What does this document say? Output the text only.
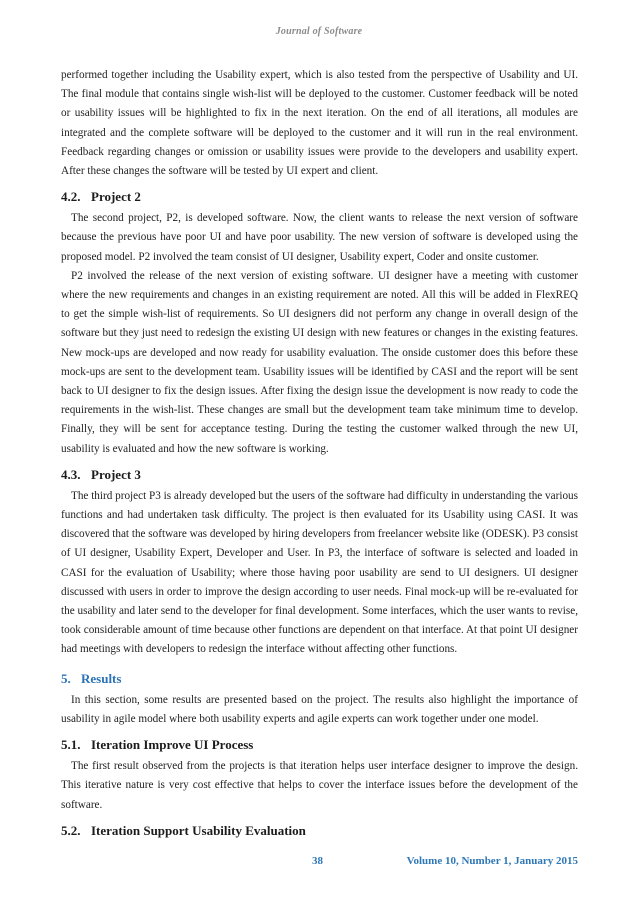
Journal of Software

performed together including the Usability expert, which is also tested from the perspective of Usability and UI. The final module that contains single wish-list will be deployed to the customer. Customer feedback will be noted or usability issues will be highlighted to fix in the next iteration. On the end of all iterations, all modules are integrated and the complete software will be deployed to the customer and it will run in the real environment. Feedback regarding changes or omission or usability issues were provide to the developers and usability expert. After these changes the software will be tested by UI expert and client.

4.2. Project 2

The second project, P2, is developed software. Now, the client wants to release the next version of software because the previous have poor UI and have poor usability. The new version of software is developed using the proposed model. P2 involved the team consist of UI designer, Usability expert, Coder and onsite customer.

P2 involved the release of the next version of existing software. UI designer have a meeting with customer where the new requirements and changes in an existing requirement are noted. All this will be added in FlexREQ to get the simple wish-list of requirements. So UI designers did not perform any change in overall design of the software but they just need to redesign the existing UI design with new features or changes in the existing features. New mock-ups are developed and now ready for usability evaluation. The onside customer does this before these mock-ups are sent to the development team. Usability issues will be identified by CASI and the report will be sent back to UI designer to fix the design issues. After fixing the design issue the development is now ready to code the requirements in the wish-list. These changes are small but the development team take minimum time to develop. Finally, they will be sent for acceptance testing. During the testing the customer walked through the new UI, usability is evaluated and how the new software is working.

4.3. Project 3

The third project P3 is already developed but the users of the software had difficulty in understanding the various functions and had undertaken task difficulty. The project is then evaluated for its Usability using CASI. It was discovered that the software was developed by hiring developers from freelancer website like (ODESK). P3 consist of UI designer, Usability Expert, Developer and User. In P3, the interface of software is selected and loaded in CASI for the evaluation of Usability; where those having poor usability are send to UI designers. UI designer discussed with users in order to improve the design according to user needs. Final mock-up will be re-evaluated for the usability and later send to the developer for final development. Some interfaces, which the user wants to revise, took considerable amount of time because other functions are dependent on that interface. At that point UI designer had meetings with developers to redesign the interface without affecting other functions.

5. Results

In this section, some results are presented based on the project. The results also highlight the importance of usability in agile model where both usability experts and agile experts can work together under one model.

5.1. Iteration Improve UI Process

The first result observed from the projects is that iteration helps user interface designer to improve the design. This iterative nature is very cost effective that helps to cover the interface issues before the development of the software.

5.2. Iteration Support Usability Evaluation
38	Volume 10, Number 1, January 2015
